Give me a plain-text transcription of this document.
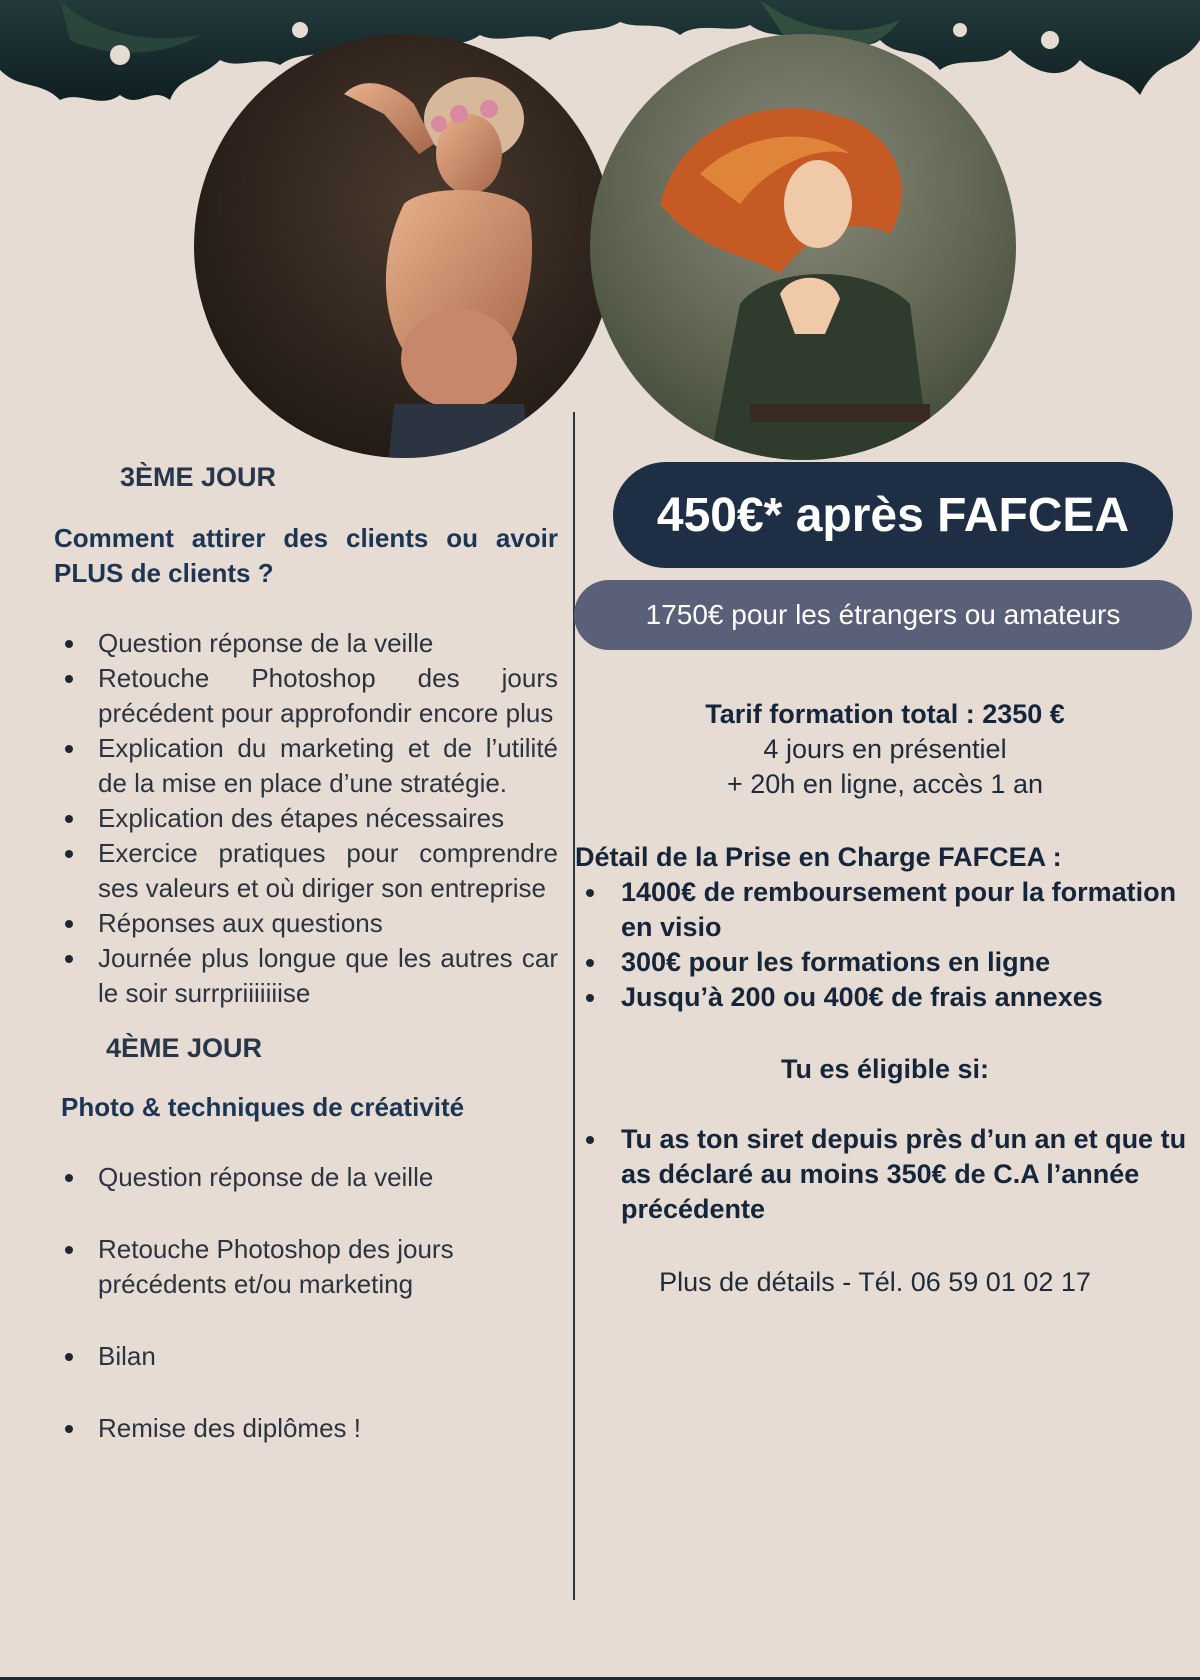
3ÈME JOUR
Comment attirer des clients ou avoir PLUS de clients ?
Question réponse de la veille
Retouche Photoshop des jours précédent pour approfondir encore plus
Explication du marketing et de l’utilité de la mise en place d’une stratégie.
Explication des étapes nécessaires
Exercice pratiques pour comprendre ses valeurs et où diriger son entreprise
Réponses aux questions
Journée plus longue que les autres car le soir surrpriiiiiiise
4ÈME JOUR
Photo & techniques de créativité
Question réponse de la veille
Retouche Photoshop des jours précédents et/ou marketing
Bilan
Remise des diplômes !
450€* après FAFCEA
1750€ pour les étrangers ou amateurs
Tarif formation total : 2350 €
4 jours en présentiel
+ 20h en ligne, accès 1 an
Détail de la Prise en Charge FAFCEA :
1400€ de remboursement pour la formation en visio
300€ pour les formations en ligne
Jusqu’à 200 ou 400€ de frais annexes
Tu es éligible si:
Tu as ton siret depuis près d’un an et que tu as déclaré au moins 350€ de C.A l’année précédente
Plus de détails - Tél. 06 59 01 02 17
